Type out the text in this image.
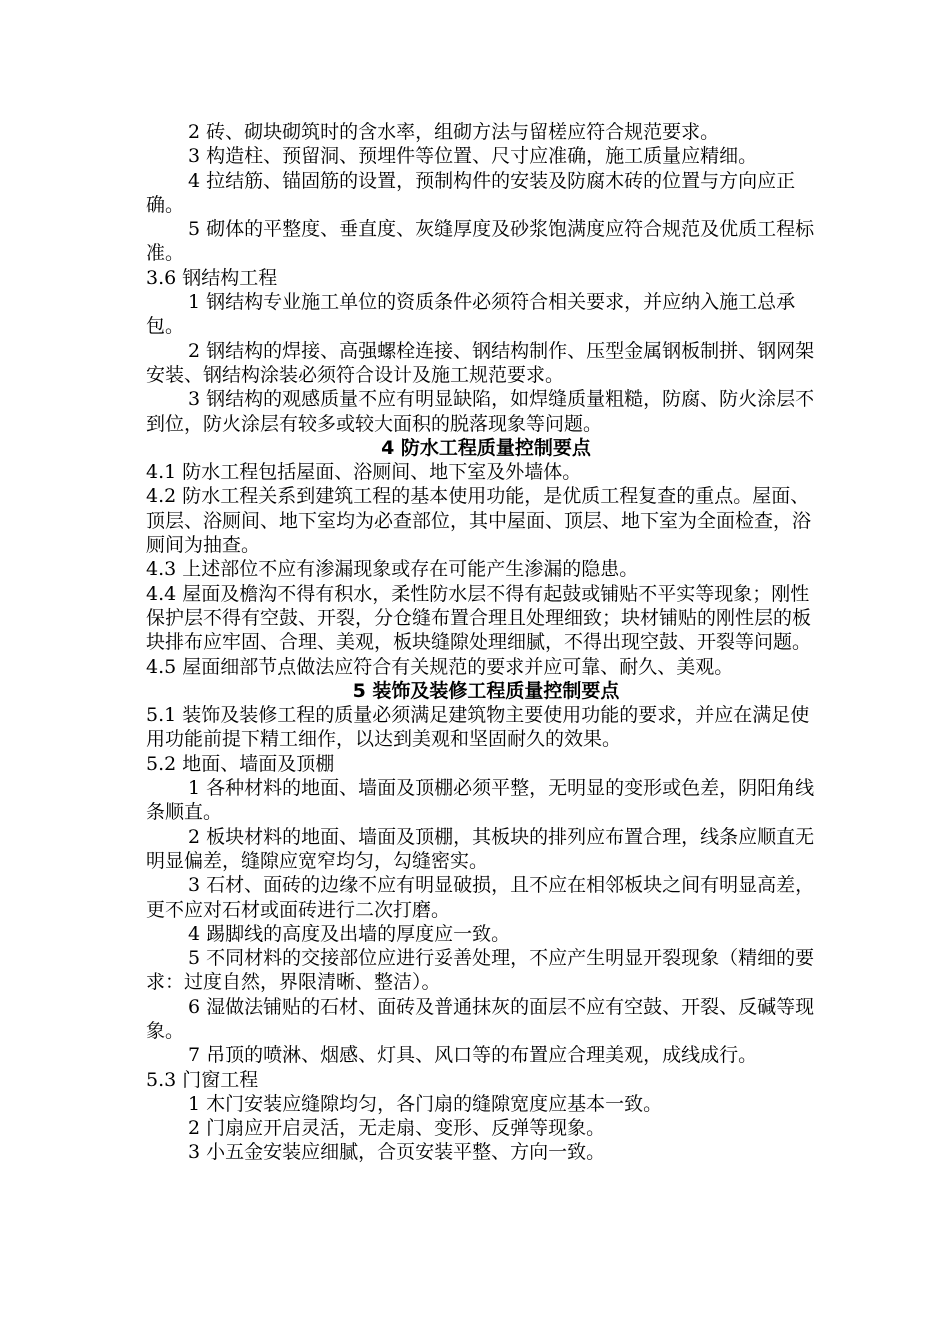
2 砖、砌块砌筑时的含水率，组砌方法与留槎应符合规范要求。

3 构造柱、预留洞、预埋件等位置、尺寸应准确，施工质量应精细。

4 拉结筋、锚固筋的设置，预制构件的安装及防腐木砖的位置与方向应正确。

5 砌体的平整度、垂直度、灰缝厚度及砂浆饱满度应符合规范及优质工程标准。

3.6 钢结构工程

1 钢结构专业施工单位的资质条件必须符合相关要求，并应纳入施工总承包。

2 钢结构的焊接、高强螺栓连接、钢结构制作、压型金属钢板制拼、钢网架安装、钢结构涂装必须符合设计及施工规范要求。

3 钢结构的观感质量不应有明显缺陷，如焊缝质量粗糙，防腐、防火涂层不到位，防火涂层有较多或较大面积的脱落现象等问题。

4 防水工程质量控制要点

4.1 防水工程包括屋面、浴厕间、地下室及外墙体。

4.2 防水工程关系到建筑工程的基本使用功能，是优质工程复查的重点。屋面、顶层、浴厕间、地下室均为必查部位，其中屋面、顶层、地下室为全面检查，浴厕间为抽查。

4.3 上述部位不应有渗漏现象或存在可能产生渗漏的隐患。

4.4 屋面及檐沟不得有积水，柔性防水层不得有起鼓或铺贴不平实等现象；刚性保护层不得有空鼓、开裂，分仓缝布置合理且处理细致；块材铺贴的刚性层的板块排布应牢固、合理、美观，板块缝隙处理细腻，不得出现空鼓、开裂等问题。

4.5 屋面细部节点做法应符合有关规范的要求并应可靠、耐久、美观。

5 装饰及装修工程质量控制要点

5.1 装饰及装修工程的质量必须满足建筑物主要使用功能的要求，并应在满足使用功能前提下精工细作，以达到美观和坚固耐久的效果。

5.2 地面、墙面及顶棚

1 各种材料的地面、墙面及顶棚必须平整，无明显的变形或色差，阴阳角线条顺直。

2 板块材料的地面、墙面及顶棚，其板块的排列应布置合理，线条应顺直无明显偏差，缝隙应宽窄均匀，勾缝密实。

3 石材、面砖的边缘不应有明显破损，且不应在相邻板块之间有明显高差，更不应对石材或面砖进行二次打磨。

4 踢脚线的高度及出墙的厚度应一致。

5 不同材料的交接部位应进行妥善处理，不应产生明显开裂现象（精细的要求：过度自然，界限清晰、整洁）。

6 湿做法铺贴的石材、面砖及普通抹灰的面层不应有空鼓、开裂、反碱等现象。

7 吊顶的喷淋、烟感、灯具、风口等的布置应合理美观，成线成行。

5.3 门窗工程

1 木门安装应缝隙均匀，各门扇的缝隙宽度应基本一致。

2 门扇应开启灵活，无走扇、变形、反弹等现象。

3 小五金安装应细腻，合页安装平整、方向一致。
